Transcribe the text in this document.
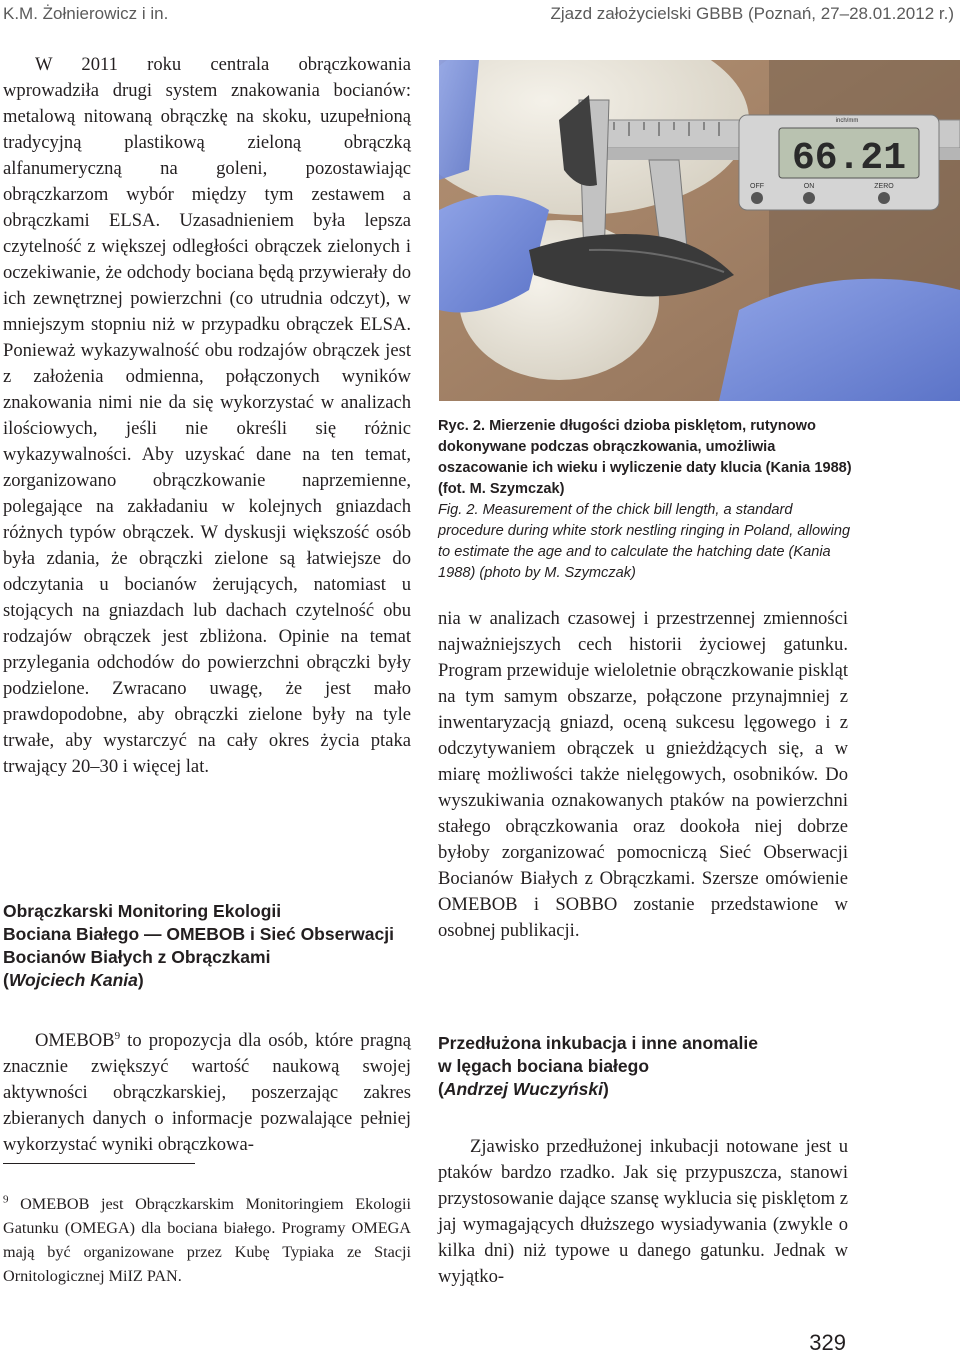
K.M. Żołnierowicz i in.	Zjazd założycielski GBBB (Poznań, 27–28.01.2012 r.)

W 2011 roku centrala obrączkowania wprowadziła drugi system znakowania bocianów: metalową nitowaną obrączkę na skoku, uzupełnioną tradycyjną plastikową zieloną obrączką alfanumeryczną na goleni, pozostawiając obrączkarzom wybór między tym zestawem a obrączkami ELSA. Uzasadnieniem była lepsza czytelność z większej odległości obrączek zielonych i oczekiwanie, że odchody bociana będą przywierały do ich zewnętrznej powierzchni (co utrudnia odczyt), w mniejszym stopniu niż w przypadku obrączek ELSA. Ponieważ wykazywalność obu rodzajów obrączek jest z założenia odmienna, połączonych wyników znakowania nimi nie da się wykorzystać w analizach ilościowych, jeśli nie określi się różnic wykazywalności. Aby uzyskać dane na ten temat, zorganizowano obrączkowanie naprzemienne, polegające na zakładaniu w kolejnych gniazdach różnych typów obrączek. W dyskusji większość osób była zdania, że obrączki zielone są łatwiejsze do odczytania u bocianów żerujących, natomiast u stojących na gniazdach lub dachach czytelność obu rodzajów obrączek jest zbliżona. Opinie na temat przylegania odchodów do powierzchni obrączki były podzielone. Zwracano uwagę, że jest mało prawdopodobne, aby obrączki zielone były na tyle trwałe, aby wystarczyć na cały okres życia ptaka trwający 20–30 i więcej lat.

Obrączkarski Monitoring Ekologii
Bociana Białego — OMEBOB i Sieć Obserwacji
Bocianów Białych z Obrączkami
(Wojciech Kania)

OMEBOB$^9$ to propozycja dla osób, które pragną znacznie zwiększyć wartość naukową swojej aktywności obrączkarskiej, poszerzając zakres zbieranych danych o informacje pozwalające pełniej wykorzystać wyniki obrączkowa-

$^9$ OMEBOB jest Obrączkarskim Monitoringiem Ekologii Gatunku (OMEGA) dla bociana białego. Programy OMEGA mają być organizowane przez Kubę Typiaka ze Stacji Ornitologicznej MiIZ PAN.
66.21
OFF	ON	ZERO
inch/mm
Ryc. 2. Mierzenie długości dzioba pisklętom, rutynowo dokonywane podczas obrączkowania, umożliwia oszacowanie ich wieku i wyliczenie daty klucia (Kania 1988) (fot. M. Szymczak)
Fig. 2. Measurement of the chick bill length, a standard procedure during white stork nestling ringing in Poland, allowing to estimate the age and to calculate the hatching date (Kania 1988) (photo by M. Szymczak)

nia w analizach czasowej i przestrzennej zmienności najważniejszych cech historii życiowej gatunku. Program przewiduje wieloletnie obrączkowanie piskląt na tym samym obszarze, połączone przynajmniej z inwentaryzacją gniazd, oceną sukcesu lęgowego i z odczytywaniem obrączek u gnieżdżących się, a w miarę możliwości także nielęgowych, osobników. Do wyszukiwania oznakowanych ptaków na powierzchni stałego obrączkowania oraz dookoła niej dobrze byłoby zorganizować pomocniczą Sieć Obserwacji Bocianów Białych z Obrączkami. Szersze omówienie OMEBOB i SOBBO zostanie przedstawione w osobnej publikacji.

Przedłużona inkubacja i inne anomalie
w lęgach bociana białego
(Andrzej Wuczyński)

Zjawisko przedłużonej inkubacji notowane jest u ptaków bardzo rzadko. Jak się przypuszcza, stanowi przystosowanie dające szansę wyklucia się pisklętom z jaj wymagających dłuższego wysiadywania (zwykle o kilka dni) niż typowe u danego gatunku. Jednak w wyjątko-

329
